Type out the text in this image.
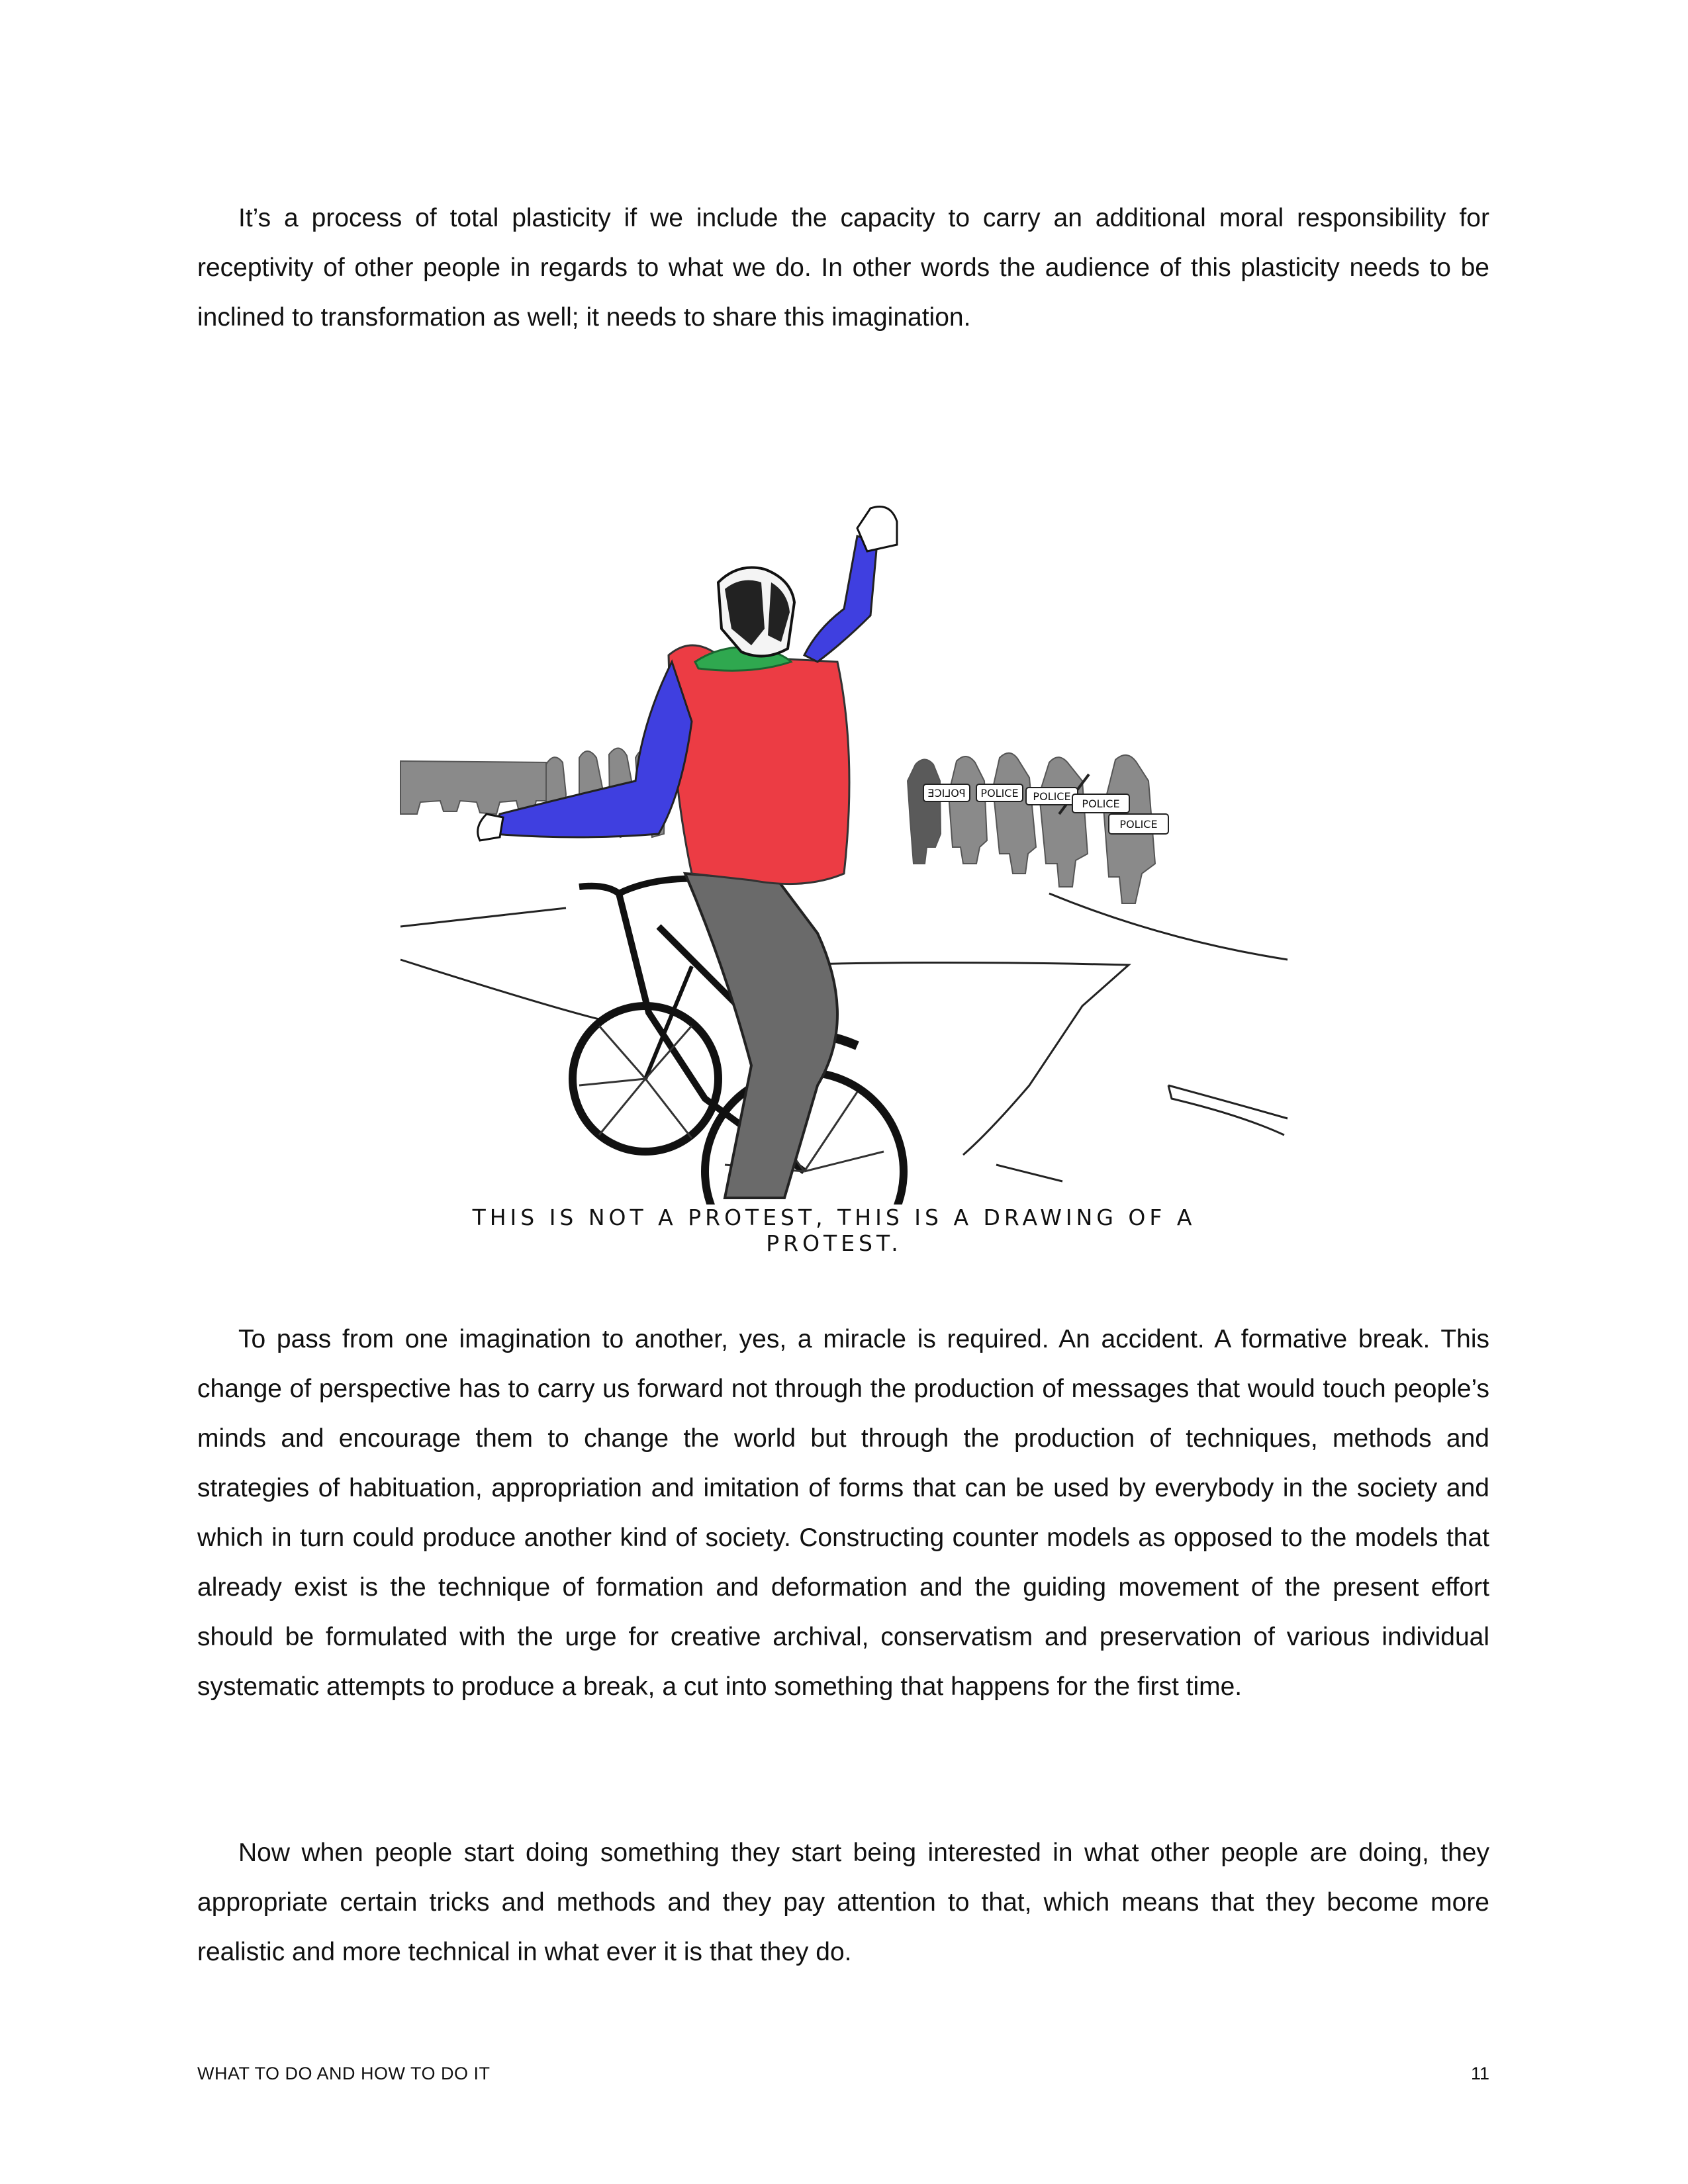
It’s a process of total plasticity if we include the capacity to carry an additional moral responsibility for receptivity of other people in regards to what we do. In other words the audience of this plasticity needs to be inclined to transformation as well; it needs to share this imagination.

POLICE POLICE POLICE
POLICE
POLICE
THIS IS NOT A PROTEST, THIS IS A DRAWING OF A PROTEST.

To pass from one imagination to another, yes, a miracle is required. An accident. A formative break. This change of perspective has to carry us forward not through the production of messages that would touch people’s minds and encourage them to change the world but through the production of techniques, methods and strategies of habituation, appropriation and imitation of forms that can be used by everybody in the society and which in turn could produce another kind of society. Constructing counter models as opposed to the models that already exist is the technique of formation and deformation and the guiding movement of the present effort should be formulated with the urge for creative archival, conservatism and preservation of various individual systematic attempts to produce a break, a cut into something that happens for the first time.

Now when people start doing something they start being interested in what other people are doing, they appropriate certain tricks and methods and they pay attention to that, which means that they become more realistic and more technical in what ever it is that they do.

WHAT TO DO AND HOW TO DO IT	11
